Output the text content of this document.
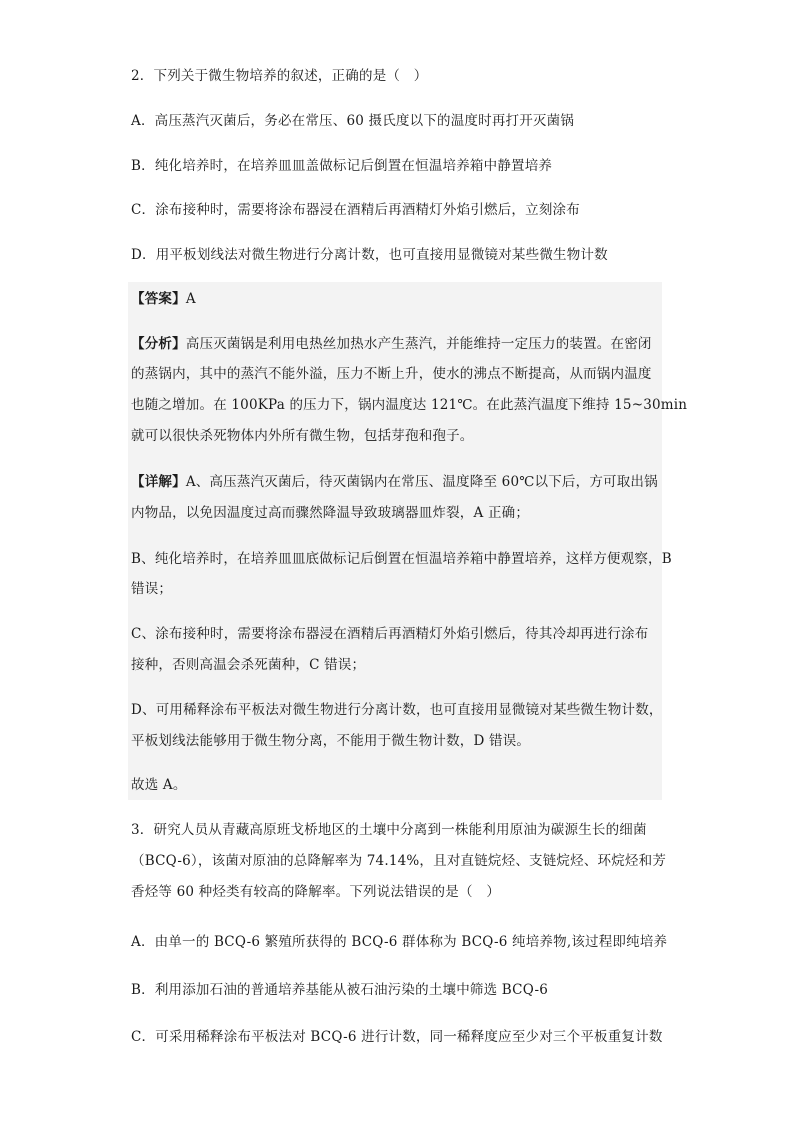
2．下列关于微生物培养的叙述，正确的是（　）
A．高压蒸汽灭菌后，务必在常压、60 摄氏度以下的温度时再打开灭菌锅
B．纯化培养时，在培养皿皿盖做标记后倒置在恒温培养箱中静置培养
C．涂布接种时，需要将涂布器浸在酒精后再酒精灯外焰引燃后，立刻涂布
D．用平板划线法对微生物进行分离计数，也可直接用显微镜对某些微生物计数
【答案】A
【分析】高压灭菌锅是利用电热丝加热水产生蒸汽，并能维持一定压力的装置。在密闭
的蒸锅内，其中的蒸汽不能外溢，压力不断上升，使水的沸点不断提高，从而锅内温度
也随之增加。在 100KPa 的压力下，锅内温度达 121℃。在此蒸汽温度下维持 15~30min
就可以很快杀死物体内外所有微生物，包括芽孢和孢子。
【详解】A、高压蒸汽灭菌后，待灭菌锅内在常压、温度降至 60℃以下后，方可取出锅
内物品，以免因温度过高而骤然降温导致玻璃器皿炸裂，A 正确；
B、纯化培养时，在培养皿皿底做标记后倒置在恒温培养箱中静置培养，这样方便观察，B
错误；
C、涂布接种时，需要将涂布器浸在酒精后再酒精灯外焰引燃后，待其冷却再进行涂布
接种，否则高温会杀死菌种，C 错误；
D、可用稀释涂布平板法对微生物进行分离计数，也可直接用显微镜对某些微生物计数，
平板划线法能够用于微生物分离，不能用于微生物计数，D 错误。
故选 A。
3．研究人员从青藏高原班戈桥地区的土壤中分离到一株能利用原油为碳源生长的细菌
（BCQ-6），该菌对原油的总降解率为 74.14%，且对直链烷烃、支链烷烃、环烷烃和芳
香烃等 60 种烃类有较高的降解率。下列说法错误的是（　）
A．由单一的 BCQ-6 繁殖所获得的 BCQ-6 群体称为 BCQ-6 纯培养物,该过程即纯培养
B．利用添加石油的普通培养基能从被石油污染的土壤中筛选 BCQ-6
C．可采用稀释涂布平板法对 BCQ-6 进行计数，同一稀释度应至少对三个平板重复计数
